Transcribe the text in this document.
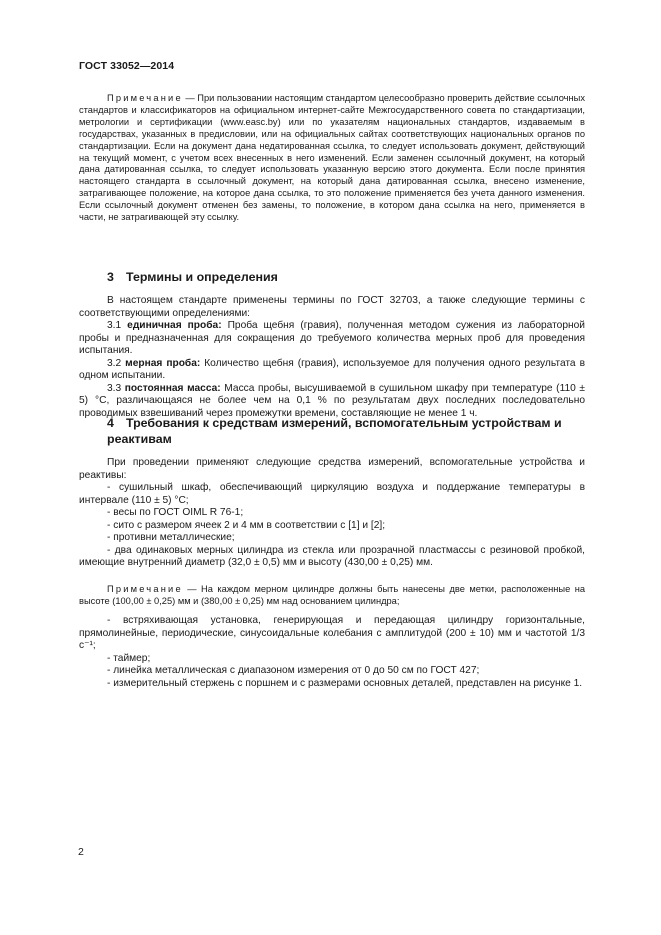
ГОСТ 33052—2014

Примечание — При пользовании настоящим стандартом целесообразно проверить действие ссылочных стандартов и классификаторов на официальном интернет-сайте Межгосударственного совета по стандартизации, метрологии и сертификации (www.easc.by) или по указателям национальных стандартов, издаваемым в государствах, указанных в предисловии, или на официальных сайтах соответствующих национальных органов по стандартизации. Если на документ дана недатированная ссылка, то следует использовать документ, действующий на текущий момент, с учетом всех внесенных в него изменений. Если заменен ссылочный документ, на который дана датированная ссылка, то следует использовать указанную версию этого документа. Если после принятия настоящего стандарта в ссылочный документ, на который дана датированная ссылка, внесено изменение, затрагивающее положение, на которое дана ссылка, то это положение применяется без учета данного изменения. Если ссылочный документ отменен без замены, то положение, в котором дана ссылка на него, применяется в части, не затрагивающей эту ссылку.

3 Термины и определения

В настоящем стандарте применены термины по ГОСТ 32703, а также следующие термины с соответствующими определениями:

3.1 единичная проба: Проба щебня (гравия), полученная методом сужения из лабораторной пробы и предназначенная для сокращения до требуемого количества мерных проб для проведения испытания.

3.2 мерная проба: Количество щебня (гравия), используемое для получения одного результата в одном испытании.

3.3 постоянная масса: Масса пробы, высушиваемой в сушильном шкафу при температуре (110 ± 5) °С, различающаяся не более чем на 0,1 % по результатам двух последних последовательно проводимых взвешиваний через промежутки времени, составляющие не менее 1 ч.

4 Требования к средствам измерений, вспомогательным устройствам и реактивам

При проведении применяют следующие средства измерений, вспомогательные устройства и реактивы:

- сушильный шкаф, обеспечивающий циркуляцию воздуха и поддержание температуры в интервале (110 ± 5) °С;

- весы по ГОСТ OIML R 76-1;

- сито с размером ячеек 2 и 4 мм в соответствии с [1] и [2];

- противни металлические;

- два одинаковых мерных цилиндра из стекла или прозрачной пластмассы с резиновой пробкой, имеющие внутренний диаметр (32,0 ± 0,5) мм и высоту (430,00 ± 0,25) мм.

Примечание — На каждом мерном цилиндре должны быть нанесены две метки, расположенные на высоте (100,00 ± 0,25) мм и (380,00 ± 0,25) мм над основанием цилиндра;

- встряхивающая установка, генерирующая и передающая цилиндру горизонтальные, прямолинейные, периодические, синусоидальные колебания с амплитудой (200 ± 10) мм и частотой 1/3 с⁻¹;

- таймер;

- линейка металлическая с диапазоном измерения от 0 до 50 см по ГОСТ 427;

- измерительный стержень с поршнем и с размерами основных деталей, представлен на рисунке 1.

2
